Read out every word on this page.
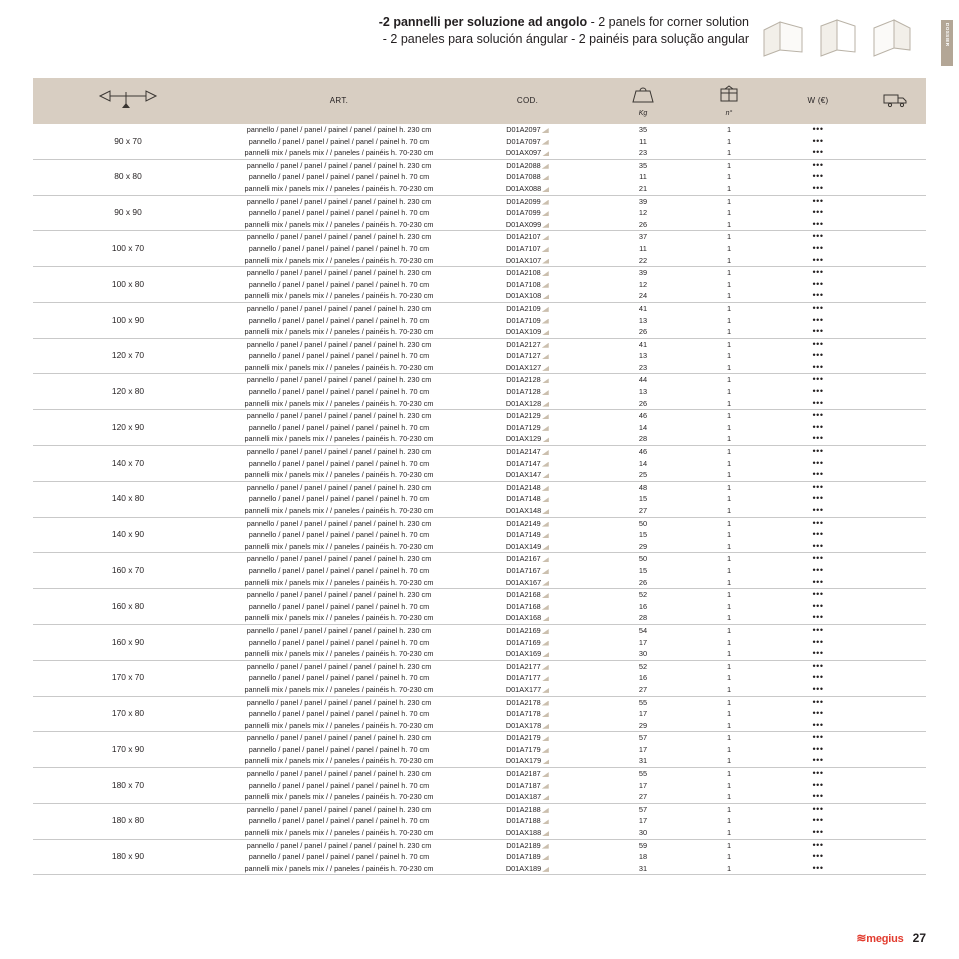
-2 pannelli per soluzione ad angolo - 2 panels for corner solution
- 2 paneles para solución ángular - 2 painéis para solução angular	DOSSIER

ART.	COD.	Kg	n°	W (€)

90 x 70	pannello / panel / panel / painel / panel / painel h. 230 cm	D01A2097	35	1	•••	
	pannello / panel / panel / painel / panel / painel h. 70 cm	D01A7097	11	1	•••	
	pannelli mix / panels mix / / paneles / painéis h. 70-230 cm	D01AX097	23	1	•••	
80 x 80	pannello / panel / panel / painel / panel / painel h. 230 cm	D01A2088	35	1	•••	
	pannello / panel / panel / painel / panel / painel h. 70 cm	D01A7088	11	1	•••	
	pannelli mix / panels mix / / paneles / painéis h. 70-230 cm	D01AX088	21	1	•••	
90 x 90	pannello / panel / panel / painel / panel / painel h. 230 cm	D01A2099	39	1	•••	
	pannello / panel / panel / painel / panel / painel h. 70 cm	D01A7099	12	1	•••	
	pannelli mix / panels mix / / paneles / painéis h. 70-230 cm	D01AX099	26	1	•••	
100 x 70	pannello / panel / panel / painel / panel / painel h. 230 cm	D01A2107	37	1	•••	
	pannello / panel / panel / painel / panel / painel h. 70 cm	D01A7107	11	1	•••	
	pannelli mix / panels mix / / paneles / painéis h. 70-230 cm	D01AX107	22	1	•••	
100 x 80	pannello / panel / panel / painel / panel / painel h. 230 cm	D01A2108	39	1	•••	
	pannello / panel / panel / painel / panel / painel h. 70 cm	D01A7108	12	1	•••	
	pannelli mix / panels mix / / paneles / painéis h. 70-230 cm	D01AX108	24	1	•••	
100 x 90	pannello / panel / panel / painel / panel / painel h. 230 cm	D01A2109	41	1	•••	
	pannello / panel / panel / painel / panel / painel h. 70 cm	D01A7109	13	1	•••	
	pannelli mix / panels mix / / paneles / painéis h. 70-230 cm	D01AX109	26	1	•••	
120 x 70	pannello / panel / panel / painel / panel / painel h. 230 cm	D01A2127	41	1	•••	
	pannello / panel / panel / painel / panel / painel h. 70 cm	D01A7127	13	1	•••	
	pannelli mix / panels mix / / paneles / painéis h. 70-230 cm	D01AX127	23	1	•••	
120 x 80	pannello / panel / panel / painel / panel / painel h. 230 cm	D01A2128	44	1	•••	
	pannello / panel / panel / painel / panel / painel h. 70 cm	D01A7128	13	1	•••	
	pannelli mix / panels mix / / paneles / painéis h. 70-230 cm	D01AX128	26	1	•••	
120 x 90	pannello / panel / panel / painel / panel / painel h. 230 cm	D01A2129	46	1	•••	
	pannello / panel / panel / painel / panel / painel h. 70 cm	D01A7129	14	1	•••	
	pannelli mix / panels mix / / paneles / painéis h. 70-230 cm	D01AX129	28	1	•••	
140 x 70	pannello / panel / panel / painel / panel / painel h. 230 cm	D01A2147	46	1	•••	
	pannello / panel / panel / painel / panel / painel h. 70 cm	D01A7147	14	1	•••	
	pannelli mix / panels mix / / paneles / painéis h. 70-230 cm	D01AX147	25	1	•••	
140 x 80	pannello / panel / panel / painel / panel / painel h. 230 cm	D01A2148	48	1	•••	
	pannello / panel / panel / painel / panel / painel h. 70 cm	D01A7148	15	1	•••	
	pannelli mix / panels mix / / paneles / painéis h. 70-230 cm	D01AX148	27	1	•••	
140 x 90	pannello / panel / panel / painel / panel / painel h. 230 cm	D01A2149	50	1	•••	
	pannello / panel / panel / painel / panel / painel h. 70 cm	D01A7149	15	1	•••	
	pannelli mix / panels mix / / paneles / painéis h. 70-230 cm	D01AX149	29	1	•••	
160 x 70	pannello / panel / panel / painel / panel / painel h. 230 cm	D01A2167	50	1	•••	
	pannello / panel / panel / painel / panel / painel h. 70 cm	D01A7167	15	1	•••	
	pannelli mix / panels mix / / paneles / painéis h. 70-230 cm	D01AX167	26	1	•••	
160 x 80	pannello / panel / panel / painel / panel / painel h. 230 cm	D01A2168	52	1	•••	
	pannello / panel / panel / painel / panel / painel h. 70 cm	D01A7168	16	1	•••	
	pannelli mix / panels mix / / paneles / painéis h. 70-230 cm	D01AX168	28	1	•••	
160 x 90	pannello / panel / panel / painel / panel / painel h. 230 cm	D01A2169	54	1	•••	
	pannello / panel / panel / painel / panel / painel h. 70 cm	D01A7169	17	1	•••	
	pannelli mix / panels mix / / paneles / painéis h. 70-230 cm	D01AX169	30	1	•••	
170 x 70	pannello / panel / panel / painel / panel / painel h. 230 cm	D01A2177	52	1	•••	
	pannello / panel / panel / painel / panel / painel h. 70 cm	D01A7177	16	1	•••	
	pannelli mix / panels mix / / paneles / painéis h. 70-230 cm	D01AX177	27	1	•••	
170 x 80	pannello / panel / panel / painel / panel / painel h. 230 cm	D01A2178	55	1	•••	
	pannello / panel / panel / painel / panel / painel h. 70 cm	D01A7178	17	1	•••	
	pannelli mix / panels mix / / paneles / painéis h. 70-230 cm	D01AX178	29	1	•••	
170 x 90	pannello / panel / panel / painel / panel / painel h. 230 cm	D01A2179	57	1	•••	
	pannello / panel / panel / painel / panel / painel h. 70 cm	D01A7179	17	1	•••	
	pannelli mix / panels mix / / paneles / painéis h. 70-230 cm	D01AX179	31	1	•••	
180 x 70	pannello / panel / panel / painel / panel / painel h. 230 cm	D01A2187	55	1	•••	
	pannello / panel / panel / painel / panel / painel h. 70 cm	D01A7187	17	1	•••	
	pannelli mix / panels mix / / paneles / painéis h. 70-230 cm	D01AX187	27	1	•••	
180 x 80	pannello / panel / panel / painel / panel / painel h. 230 cm	D01A2188	57	1	•••	
	pannello / panel / panel / painel / panel / painel h. 70 cm	D01A7188	17	1	•••	
	pannelli mix / panels mix / / paneles / painéis h. 70-230 cm	D01AX188	30	1	•••	
180 x 90	pannello / panel / panel / painel / panel / painel h. 230 cm	D01A2189	59	1	•••	
	pannello / panel / panel / painel / panel / painel h. 70 cm	D01A7189	18	1	•••	
	pannelli mix / panels mix / / paneles / painéis h. 70-230 cm	D01AX189	31	1	•••	
≋megius 27
